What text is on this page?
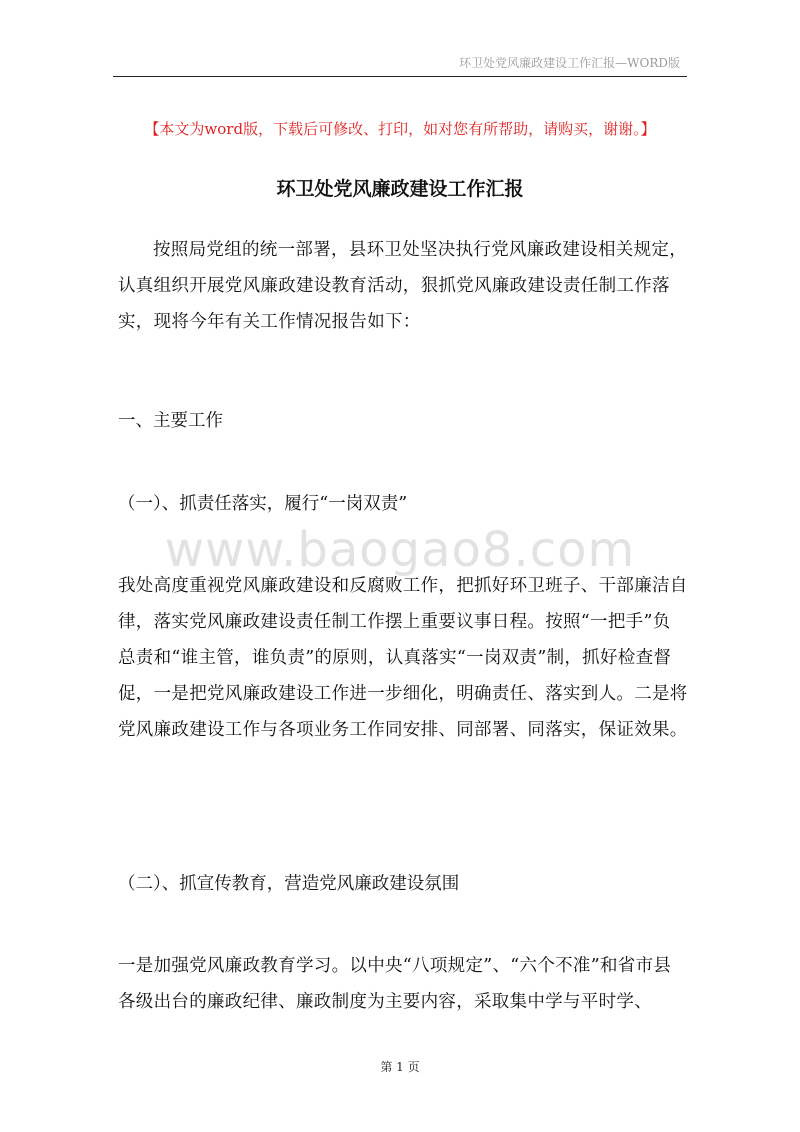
环卫处党风廉政建设工作汇报—WORD版
【本文为word版，下载后可修改、打印，如对您有所帮助，请购买，谢谢。】
环卫处党风廉政建设工作汇报

按照局党组的统一部署，县环卫处坚决执行党风廉政建设相关规定，认真组织开展党风廉政建设教育活动，狠抓党风廉政建设责任制工作落实，现将今年有关工作情况报告如下：

一、主要工作
（一）、抓责任落实，履行“一岗双责”
www.baogao8.com

我处高度重视党风廉政建设和反腐败工作，把抓好环卫班子、干部廉洁自律，落实党风廉政建设责任制工作摆上重要议事日程。按照“一把手”负总责和“谁主管，谁负责”的原则，认真落实“一岗双责”制，抓好检查督促，一是把党风廉政建设工作进一步细化，明确责任、落实到人。二是将党风廉政建设工作与各项业务工作同安排、同部署、同落实，保证效果。

（二）、抓宣传教育，营造党风廉政建设氛围

一是加强党风廉政教育学习。以中央“八项规定”、“六个不准”和省市县各级出台的廉政纪律、廉政制度为主要内容，采取集中学与平时学、

第 1 页
